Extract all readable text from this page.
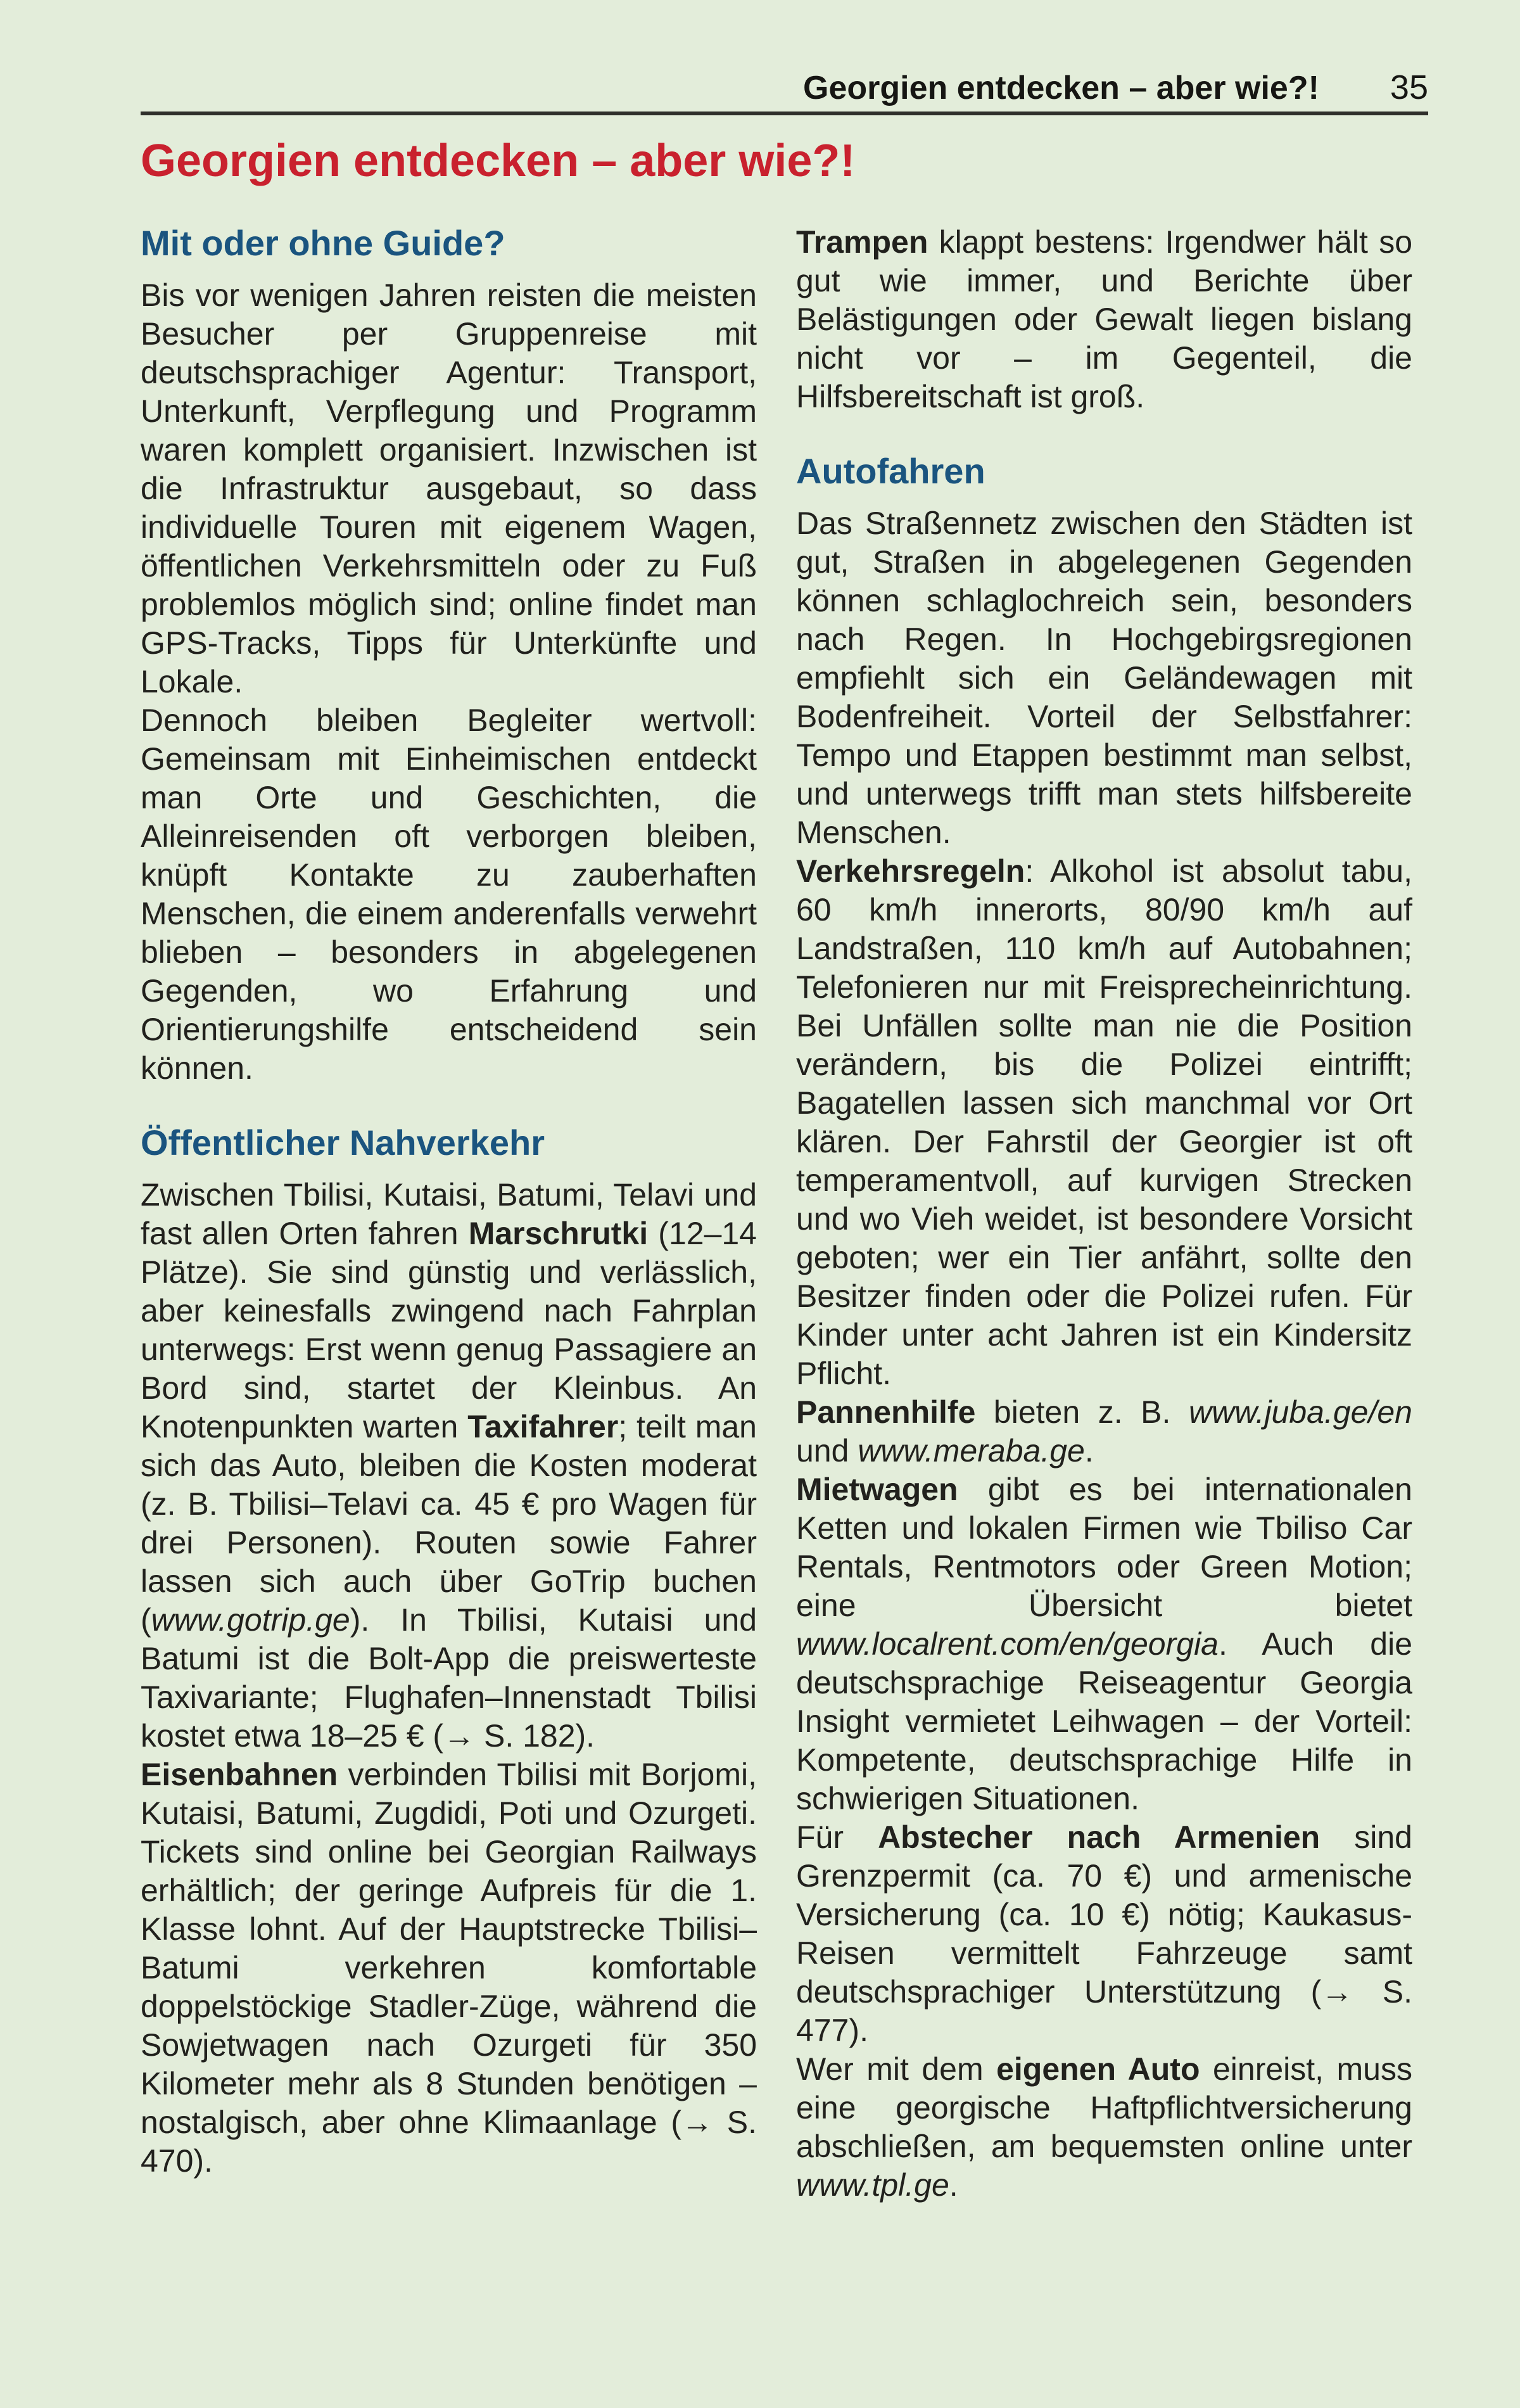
Georgien entdecken – aber wie?! 35
Georgien entdecken – aber wie?!
Mit oder ohne Guide?

Bis vor wenigen Jahren reisten die meisten Besucher per Gruppenreise mit deutschsprachiger Agentur: Transport, Unterkunft, Verpflegung und Programm waren komplett organisiert. Inzwischen ist die Infrastruktur ausgebaut, so dass individuelle Touren mit eigenem Wagen, öffentlichen Verkehrsmitteln oder zu Fuß problemlos möglich sind; online findet man GPS-Tracks, Tipps für Unterkünfte und Lokale.

Dennoch bleiben Begleiter wertvoll: Gemeinsam mit Einheimischen entdeckt man Orte und Geschichten, die Alleinreisenden oft verborgen bleiben, knüpft Kontakte zu zauberhaften Menschen, die einem anderenfalls verwehrt blieben – besonders in abgelegenen Gegenden, wo Erfahrung und Orientierungshilfe entscheidend sein können.

Öffentlicher Nahverkehr

Zwischen Tbilisi, Kutaisi, Batumi, Telavi und fast allen Orten fahren Marschrutki (12–14 Plätze). Sie sind günstig und verlässlich, aber keinesfalls zwingend nach Fahrplan unterwegs: Erst wenn genug Passagiere an Bord sind, startet der Kleinbus. An Knotenpunkten warten Taxifahrer; teilt man sich das Auto, bleiben die Kosten moderat (z. B. Tbilisi–Telavi ca. 45 € pro Wagen für drei Personen). Routen sowie Fahrer lassen sich auch über GoTrip buchen (www.gotrip.ge). In Tbilisi, Kutaisi und Batumi ist die Bolt-App die preiswerteste Taxivariante; Flughafen–Innenstadt Tbilisi kostet etwa 18–25 € (→ S. 182).

Eisenbahnen verbinden Tbilisi mit Borjomi, Kutaisi, Batumi, Zugdidi, Poti und Ozurgeti. Tickets sind online bei Georgian Railways erhältlich; der geringe Aufpreis für die 1. Klasse lohnt. Auf der Hauptstrecke Tbilisi–Batumi verkehren komfortable doppelstöckige Stadler-Züge, während die Sowjetwagen nach Ozurgeti für 350 Kilometer mehr als 8 Stunden benötigen – nostalgisch, aber ohne Klimaanlage (→ S. 470).

Trampen klappt bestens: Irgendwer hält so gut wie immer, und Berichte über Belästigungen oder Gewalt liegen bislang nicht vor – im Gegenteil, die Hilfsbereitschaft ist groß.

Autofahren

Das Straßennetz zwischen den Städten ist gut, Straßen in abgelegenen Gegenden können schlaglochreich sein, besonders nach Regen. In Hochgebirgsregionen empfiehlt sich ein Geländewagen mit Bodenfreiheit. Vorteil der Selbstfahrer: Tempo und Etappen bestimmt man selbst, und unterwegs trifft man stets hilfsbereite Menschen.

Verkehrsregeln: Alkohol ist absolut tabu, 60 km/h innerorts, 80/90 km/h auf Landstraßen, 110 km/h auf Autobahnen; Telefonieren nur mit Freisprecheinrichtung. Bei Unfällen sollte man nie die Position verändern, bis die Polizei eintrifft; Bagatellen lassen sich manchmal vor Ort klären. Der Fahrstil der Georgier ist oft temperamentvoll, auf kurvigen Strecken und wo Vieh weidet, ist besondere Vorsicht geboten; wer ein Tier anfährt, sollte den Besitzer finden oder die Polizei rufen. Für Kinder unter acht Jahren ist ein Kindersitz Pflicht.

Pannenhilfe bieten z. B. www.juba.ge/en und www.meraba.ge.

Mietwagen gibt es bei internationalen Ketten und lokalen Firmen wie Tbiliso Car Rentals, Rentmotors oder Green Motion; eine Übersicht bietet www.localrent.com/en/georgia. Auch die deutschsprachige Reiseagentur Georgia Insight vermietet Leihwagen – der Vorteil: Kompetente, deutschsprachige Hilfe in schwierigen Situationen.

Für Abstecher nach Armenien sind Grenzpermit (ca. 70 €) und armenische Versicherung (ca. 10 €) nötig; Kaukasus-Reisen vermittelt Fahrzeuge samt deutschsprachiger Unterstützung (→ S. 477).

Wer mit dem eigenen Auto einreist, muss eine georgische Haftpflichtversicherung abschließen, am bequemsten online unter www.tpl.ge.
